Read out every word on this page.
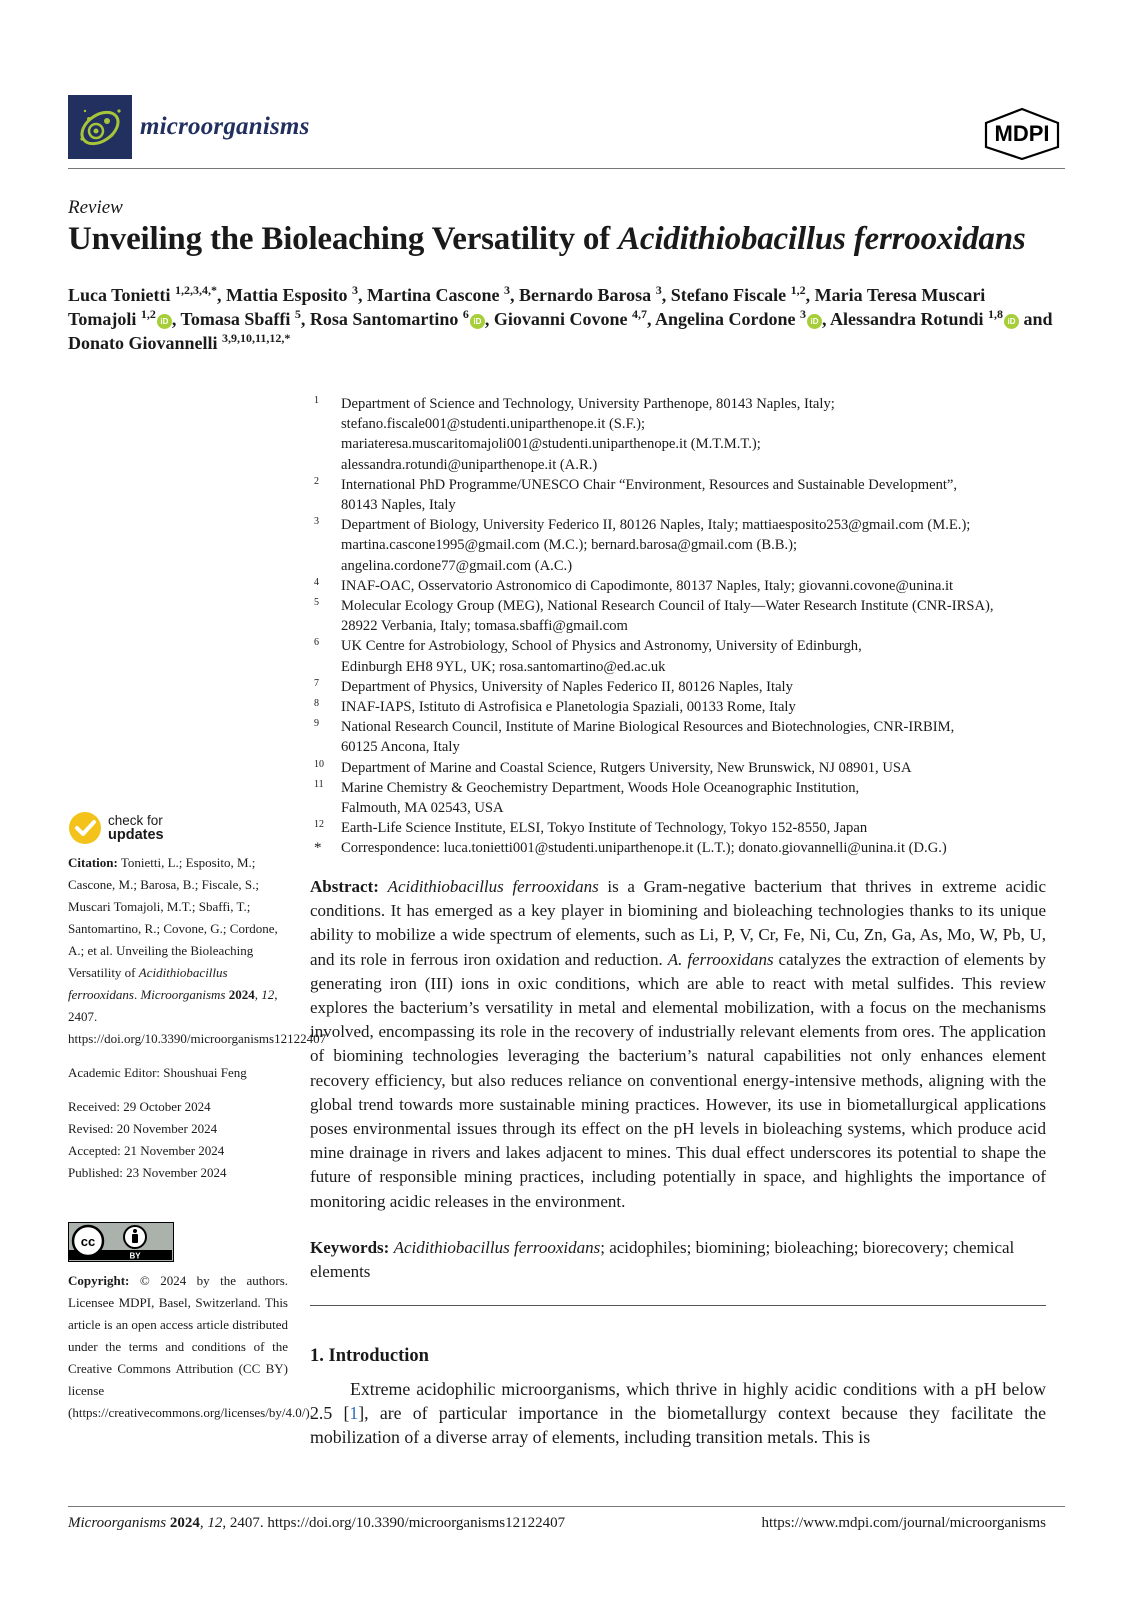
microorganisms	MDPI
Review
Unveiling the Bioleaching Versatility of Acidithiobacillus ferrooxidans
Luca Tonietti $^{1,2,3,4,*}$, Mattia Esposito $^3$, Martina Cascone $^3$, Bernardo Barosa $^3$, Stefano Fiscale $^{1,2}$, Maria Teresa Muscari Tomajoli $^{1,2}$iD , Tomasa Sbaffi $^5$, Rosa Santomartino $^6$iD , Giovanni Covone $^{4,7}$, Angelina Cordone $^3$iD , Alessandra Rotundi $^{1,8}$iD and Donato Giovannelli $^{3,9,10,11,12,*}$
1	Department of Science and Technology, University Parthenope, 80143 Naples, Italy;
stefano.fiscale001@studenti.uniparthenope.it (S.F.);
mariateresa.muscaritomajoli001@studenti.uniparthenope.it (M.T.M.T.);
alessandra.rotundi@uniparthenope.it (A.R.)
2	International PhD Programme/UNESCO Chair “Environment, Resources and Sustainable Development”,
80143 Naples, Italy
3	Department of Biology, University Federico II, 80126 Naples, Italy; mattiaesposito253@gmail.com (M.E.);
martina.cascone1995@gmail.com (M.C.); bernard.barosa@gmail.com (B.B.);
angelina.cordone77@gmail.com (A.C.)
4	INAF-OAC, Osservatorio Astronomico di Capodimonte, 80137 Naples, Italy; giovanni.covone@unina.it
5	Molecular Ecology Group (MEG), National Research Council of Italy—Water Research Institute (CNR-IRSA),
28922 Verbania, Italy; tomasa.sbaffi@gmail.com
6	UK Centre for Astrobiology, School of Physics and Astronomy, University of Edinburgh,
Edinburgh EH8 9YL, UK; rosa.santomartino@ed.ac.uk
7	Department of Physics, University of Naples Federico II, 80126 Naples, Italy
8	INAF-IAPS, Istituto di Astrofisica e Planetologia Spaziali, 00133 Rome, Italy
9	National Research Council, Institute of Marine Biological Resources and Biotechnologies, CNR-IRBIM,
60125 Ancona, Italy
10	Department of Marine and Coastal Science, Rutgers University, New Brunswick, NJ 08901, USA
11	Marine Chemistry & Geochemistry Department, Woods Hole Oceanographic Institution,
Falmouth, MA 02543, USA
12	Earth-Life Science Institute, ELSI, Tokyo Institute of Technology, Tokyo 152-8550, Japan
*	Correspondence: luca.tonietti001@studenti.uniparthenope.it (L.T.); donato.giovannelli@unina.it (D.G.)
check for
updates

Citation: Tonietti, L.; Esposito, M.; Cascone, M.; Barosa, B.; Fiscale, S.; Muscari Tomajoli, M.T.; Sbaffi, T.; Santomartino, R.; Covone, G.; Cordone, A.; et al. Unveiling the Bioleaching Versatility of Acidithiobacillus ferrooxidans. Microorganisms 2024, 12, 2407. https://doi.org/10.3390/microorganisms12122407

Academic Editor: Shoushuai Feng

Received: 29 October 2024

Revised: 20 November 2024

Accepted: 21 November 2024

Published: 23 November 2024

cc
BY

Copyright: © 2024 by the authors. Licensee MDPI, Basel, Switzerland. This article is an open access article distributed under the terms and conditions of the Creative Commons Attribution (CC BY) license (https://creativecommons.org/licenses/by/4.0/).

Abstract: Acidithiobacillus ferrooxidans is a Gram-negative bacterium that thrives in extreme acidic conditions. It has emerged as a key player in biomining and bioleaching technologies thanks to its unique ability to mobilize a wide spectrum of elements, such as Li, P, V, Cr, Fe, Ni, Cu, Zn, Ga, As, Mo, W, Pb, U, and its role in ferrous iron oxidation and reduction. A. ferrooxidans catalyzes the extraction of elements by generating iron (III) ions in oxic conditions, which are able to react with metal sulfides. This review explores the bacterium’s versatility in metal and elemental mobilization, with a focus on the mechanisms involved, encompassing its role in the recovery of industrially relevant elements from ores. The application of biomining technologies leveraging the bacterium’s natural capabilities not only enhances element recovery efficiency, but also reduces reliance on conventional energy-intensive methods, aligning with the global trend towards more sustainable mining practices. However, its use in biometallurgical applications poses environmental issues through its effect on the pH levels in bioleaching systems, which produce acid mine drainage in rivers and lakes adjacent to mines. This dual effect underscores its potential to shape the future of responsible mining practices, including potentially in space, and highlights the importance of monitoring acidic releases in the environment.

Keywords: Acidithiobacillus ferrooxidans; acidophiles; biomining; bioleaching; biorecovery; chemical elements

1. Introduction

Extreme acidophilic microorganisms, which thrive in highly acidic conditions with a pH below 2.5 [1], are of particular importance in the biometallurgy context because they facilitate the mobilization of a diverse array of elements, including transition metals. This is

Microorganisms 2024, 12, 2407. https://doi.org/10.3390/microorganisms12122407	https://www.mdpi.com/journal/microorganisms
